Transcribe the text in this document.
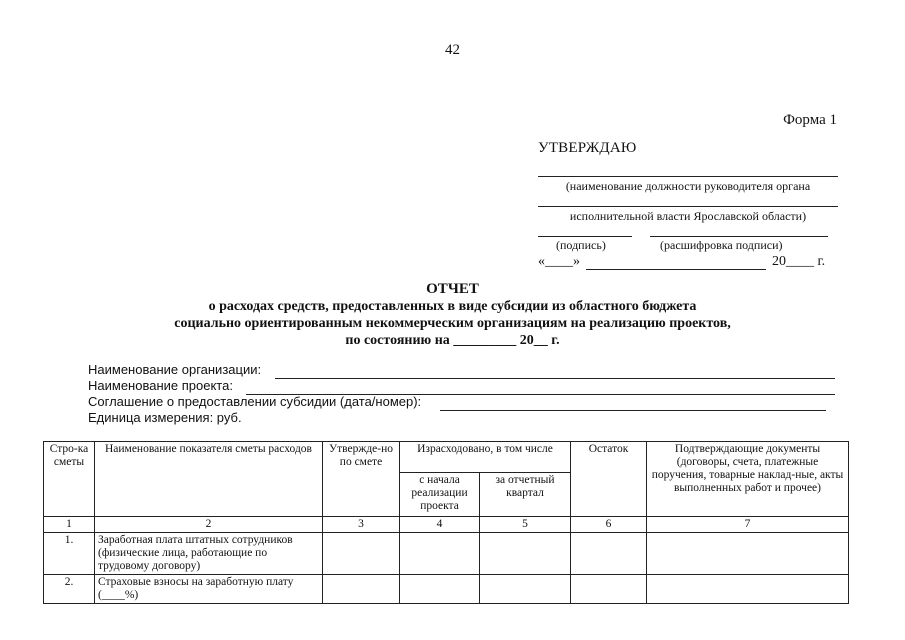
42
Форма 1
УТВЕРЖДАЮ
(наименование должности руководителя органа
исполнительной власти Ярославской области)
(подпись)	(расшифровка подписи)
«____»	20____ г.
ОТЧЕТ
о расходах средств, предоставленных в виде субсидии из областного бюджета
социально ориентированным некоммерческим организациям на реализацию проектов,
по состоянию на _________ 20__ г.
Наименование организации:
Наименование проекта:
Соглашение о предоставлении субсидии (дата/номер):
Единица измерения: руб.
Стро-ка сметы	Наименование показателя сметы расходов	Утвержде-но по смете	Израсходовано, в том числе		Остаток	Подтверждающие документы (договоры, счета, платежные поручения, товарные наклад-ные, акты выполненных работ и прочее)
			с начала реализации проекта	за отчетный квартал		
1	2	3	4	5	6	7
1.	Заработная плата штатных сотрудников (физические лица, работающие по трудовому договору)					
2.	Страховые взносы на заработную плату (____%)					
